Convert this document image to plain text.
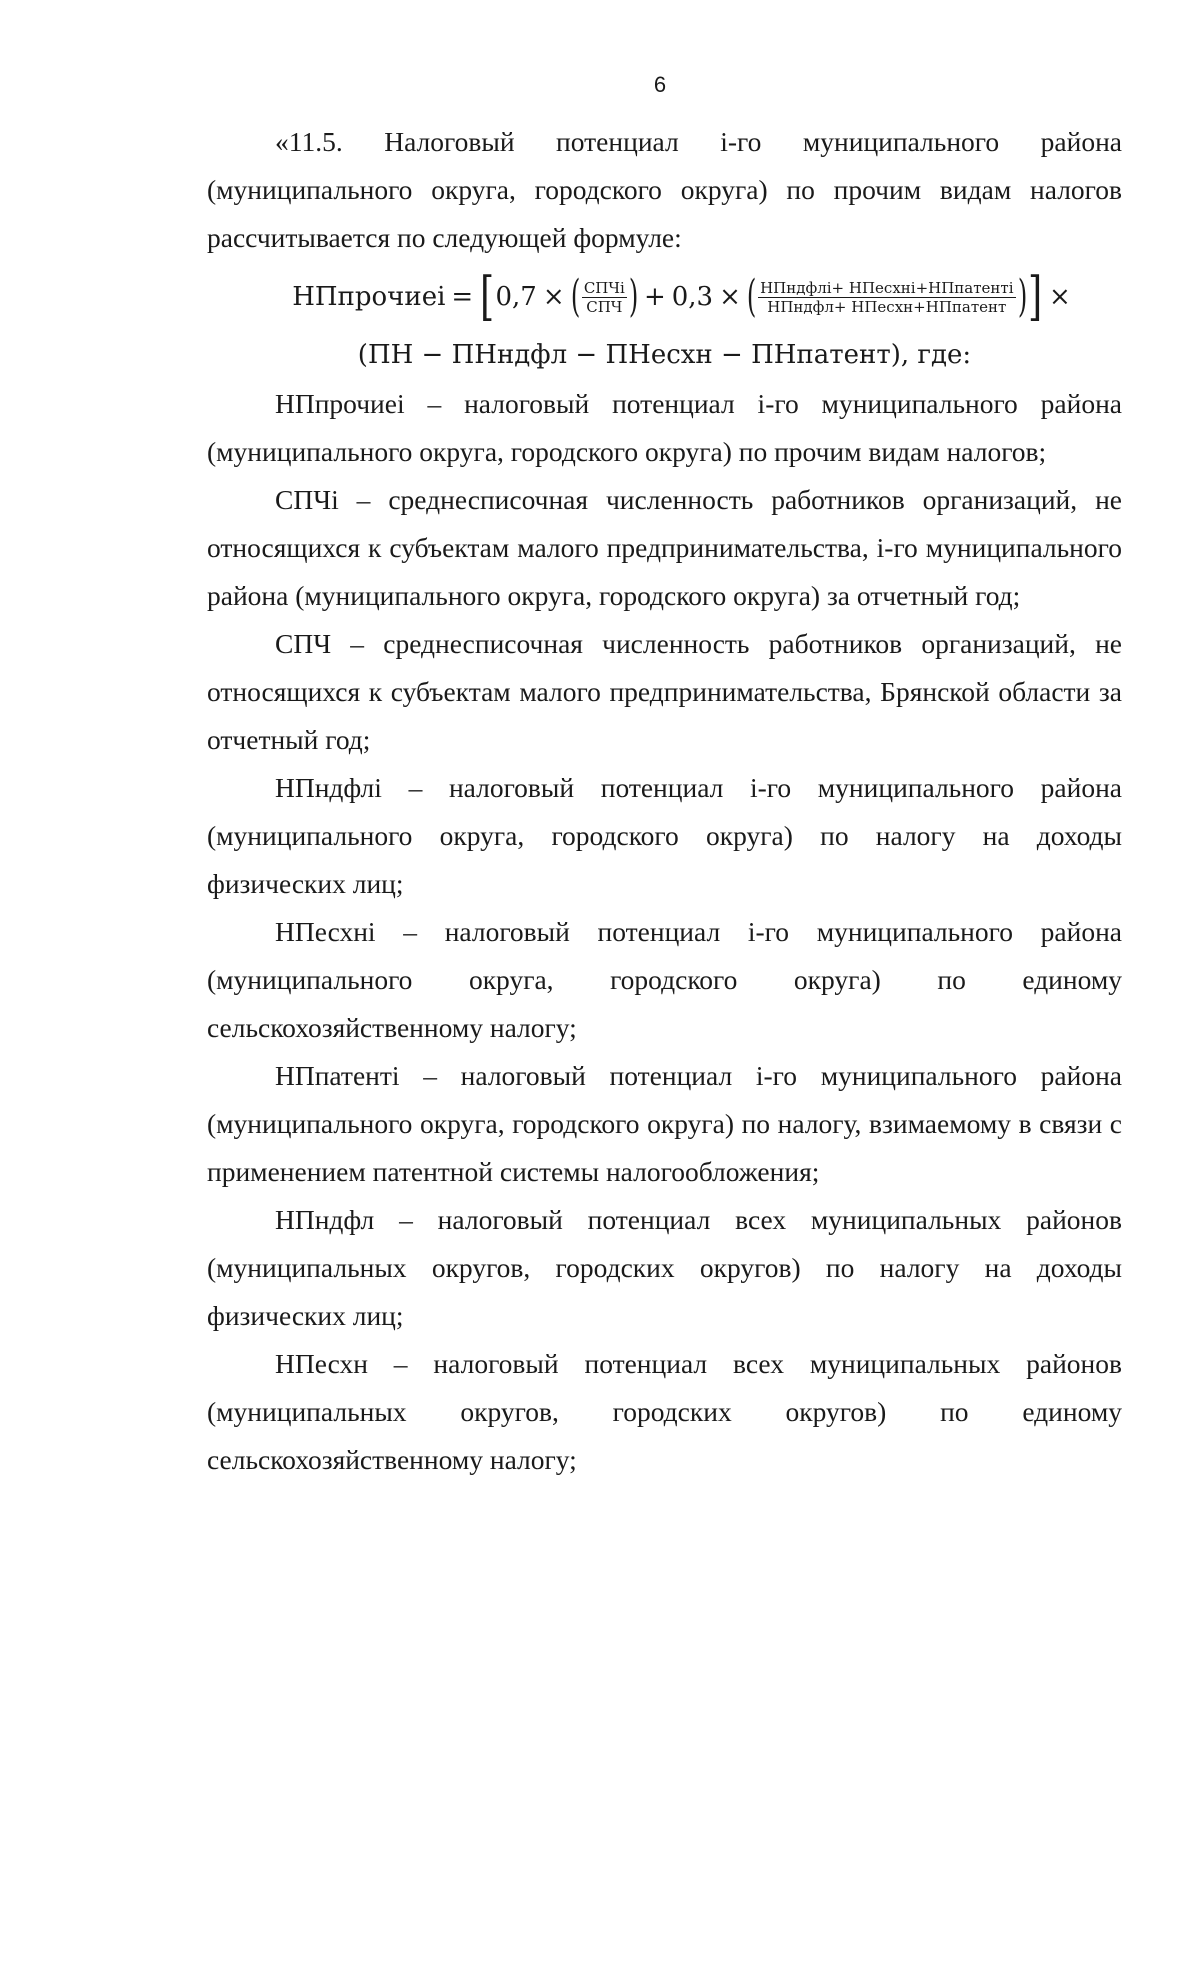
6

«11.5. Налоговый потенциал i-го муниципального района (муниципального округа, городского округа) по прочим видам налогов рассчитывается по следующей формуле:

НПпрочиеi = [ 0,7 × ( $\frac{\text{СПЧi}}{\text{СПЧ}}$ ) + 0,3 × ( $\frac{\text{НПндфлi+ НПесхнi+НПпатентi}}{\text{НПндфл+ НПесхн+НПпатент}}$ ) ] ×
(ПН − ПНндфл − ПНесхн − ПНпатент), где:

НПпрочиеi – налоговый потенциал i-го муниципального района (муниципального округа, городского округа) по прочим видам налогов;

СПЧi – среднесписочная численность работников организаций, не относящихся к субъектам малого предпринимательства, i-го муниципального района (муниципального округа, городского округа) за отчетный год;

СПЧ – среднесписочная численность работников организаций, не относящихся к субъектам малого предпринимательства, Брянской области за отчетный год;

НПндфлi – налоговый потенциал i-го муниципального района (муниципального округа, городского округа) по налогу на доходы физических лиц;

НПесхнi – налоговый потенциал i-го муниципального района (муниципального округа, городского округа) по единому сельскохозяйственному налогу;

НПпатентi – налоговый потенциал i-го муниципального района (муниципального округа, городского округа) по налогу, взимаемому в связи с применением патентной системы налогообложения;

НПндфл – налоговый потенциал всех муниципальных районов (муниципальных округов, городских округов) по налогу на доходы физических лиц;

НПесхн – налоговый потенциал всех муниципальных районов (муниципальных округов, городских округов) по единому сельскохозяйственному налогу;
